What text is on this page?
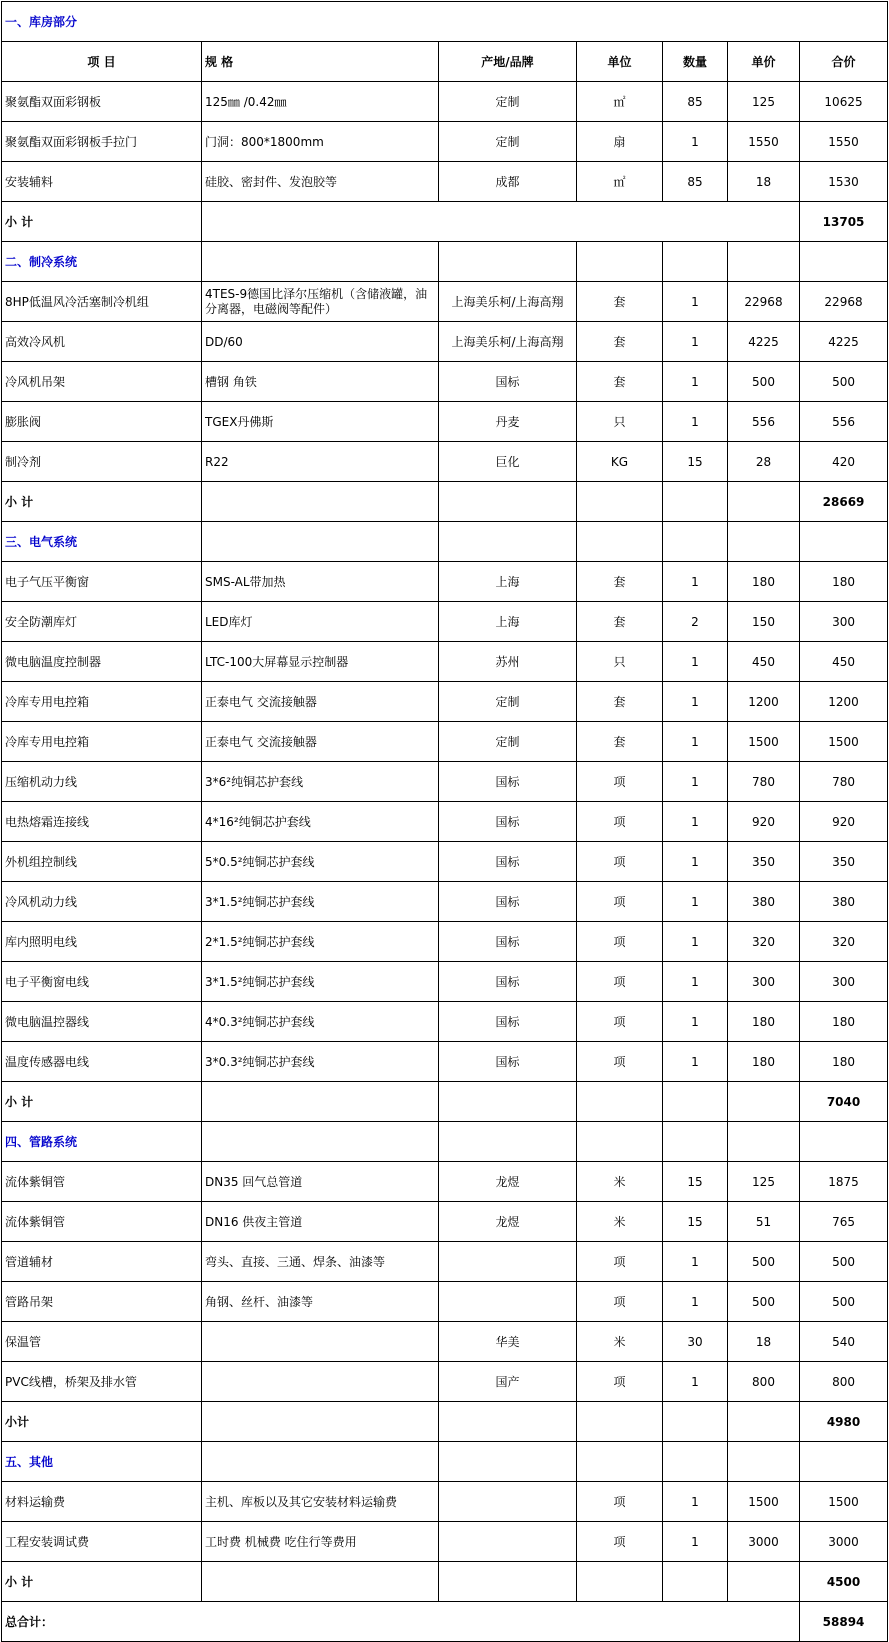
一、库房部分						
项 目	规 格	产地/品牌	单位	数量	单价	合价
聚氨酯双面彩钢板	125㎜ /0.42㎜	定制	㎡	85	125	10625
聚氨酯双面彩钢板手拉门	门洞：800*1800mm	定制	扇	1	1550	1550
安装辅料	硅胶、密封件、发泡胶等	成都	㎡	85	18	1530
小 计						13705
二、制冷系统						
8HP低温风冷活塞制冷机组	4TES-9德国比泽尔压缩机（含储液罐，油分离器，电磁阀等配件）	上海美乐柯/上海高翔	套	1	22968	22968
高效冷风机	DD/60	上海美乐柯/上海高翔	套	1	4225	4225
冷风机吊架	槽钢 角铁	国标	套	1	500	500
膨胀阀	TGEX丹佛斯	丹麦	只	1	556	556
制冷剂	R22	巨化	KG	15	28	420
小 计						28669
三、电气系统						
电子气压平衡窗	SMS-AL带加热	上海	套	1	180	180
安全防潮库灯	LED库灯	上海	套	2	150	300
微电脑温度控制器	LTC-100大屏幕显示控制器	苏州	只	1	450	450
冷库专用电控箱	正泰电气 交流接触器	定制	套	1	1200	1200
冷库专用电控箱	正泰电气 交流接触器	定制	套	1	1500	1500
压缩机动力线	3*6²纯铜芯护套线	国标	项	1	780	780
电热熔霜连接线	4*16²纯铜芯护套线	国标	项	1	920	920
外机组控制线	5*0.5²纯铜芯护套线	国标	项	1	350	350
冷风机动力线	3*1.5²纯铜芯护套线	国标	项	1	380	380
库内照明电线	2*1.5²纯铜芯护套线	国标	项	1	320	320
电子平衡窗电线	3*1.5²纯铜芯护套线	国标	项	1	300	300
微电脑温控器线	4*0.3²纯铜芯护套线	国标	项	1	180	180
温度传感器电线	3*0.3²纯铜芯护套线	国标	项	1	180	180
小 计						7040
四、管路系统						
流体紫铜管	DN35 回气总管道	龙煜	米	15	125	1875
流体紫铜管	DN16 供夜主管道	龙煜	米	15	51	765
管道辅材	弯头、直接、三通、焊条、油漆等		项	1	500	500
管路吊架	角钢、丝杆、油漆等		项	1	500	500
保温管		华美	米	30	18	540
PVC线槽，桥架及排水管		国产	项	1	800	800
小计						4980
五、其他						
材料运输费	主机、库板以及其它安装材料运输费		项	1	1500	1500
工程安装调试费	工时费 机械费 吃住行等费用		项	1	3000	3000
小 计						4500
总合计：						58894
